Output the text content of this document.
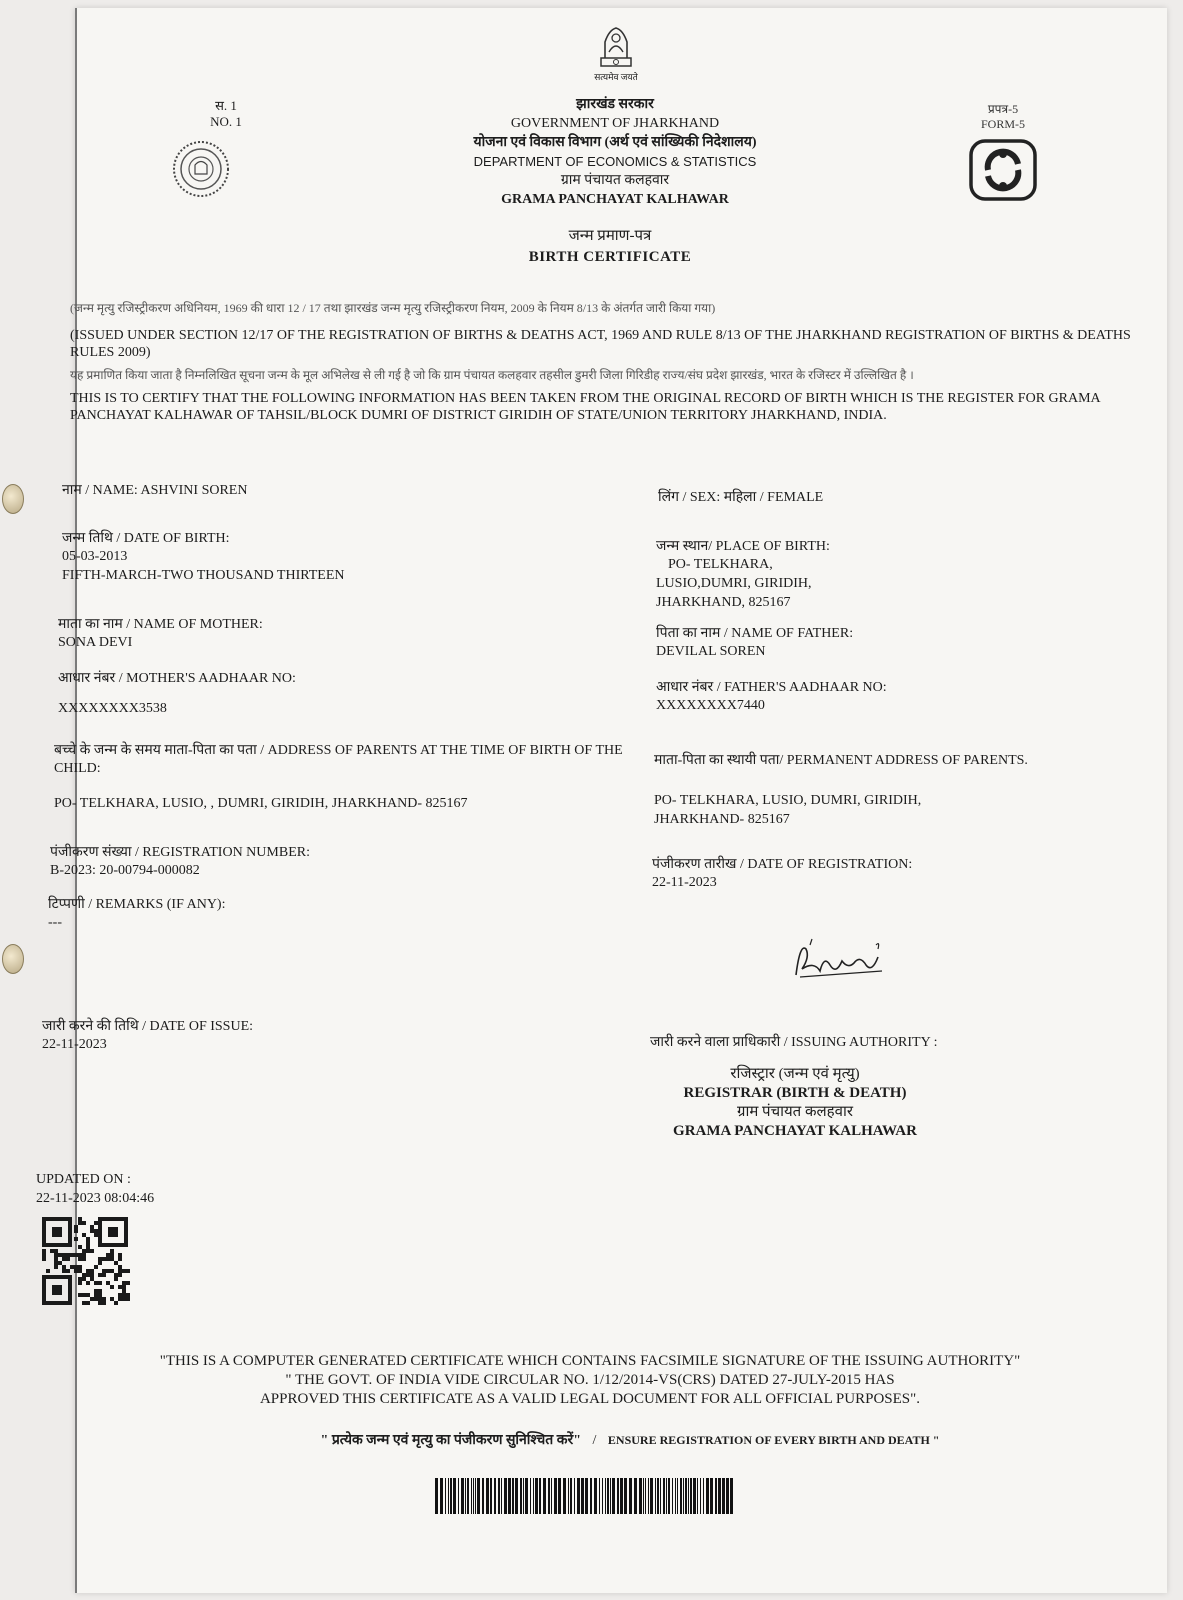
सत्यमेव जयते
स. 1
NO. 1
प्रपत्र-5
FORM-5
झारखंड सरकार
GOVERNMENT OF JHARKHAND
योजना एवं विकास विभाग (अर्थ एवं सांख्यिकी निदेशालय)
DEPARTMENT OF ECONOMICS & STATISTICS
ग्राम पंचायत कलहवार
GRAMA PANCHAYAT KALHAWAR
जन्म प्रमाण-पत्र
BIRTH CERTIFICATE

(जन्म मृत्यु रजिस्ट्रीकरण अधिनियम, 1969 की धारा 12 / 17 तथा झारखंड जन्म मृत्यु रजिस्ट्रीकरण नियम, 2009 के नियम 8/13 के अंतर्गत जारी किया गया)

(ISSUED UNDER SECTION 12/17 OF THE REGISTRATION OF BIRTHS & DEATHS ACT, 1969 AND RULE 8/13 OF THE JHARKHAND REGISTRATION OF BIRTHS & DEATHS RULES 2009)

यह प्रमाणित किया जाता है निम्नलिखित सूचना जन्म के मूल अभिलेख से ली गई है जो कि ग्राम पंचायत कलहवार तहसील डुमरी जिला गिरिडीह राज्य/संघ प्रदेश झारखंड, भारत के रजिस्टर में उल्लिखित है ।

THIS IS TO CERTIFY THAT THE FOLLOWING INFORMATION HAS BEEN TAKEN FROM THE ORIGINAL RECORD OF BIRTH WHICH IS THE REGISTER FOR GRAMA PANCHAYAT KALHAWAR OF TAHSIL/BLOCK DUMRI OF DISTRICT GIRIDIH OF STATE/UNION TERRITORY JHARKHAND, INDIA.

नाम / NAME: ASHVINI SOREN
जन्म तिथि / DATE OF BIRTH:
05-03-2013
FIFTH-MARCH-TWO THOUSAND THIRTEEN
माता का नाम / NAME OF MOTHER:
SONA DEVI
आधार नंबर / MOTHER'S AADHAAR NO:
XXXXXXXX3538
बच्चे के जन्म के समय माता-पिता का पता / ADDRESS OF PARENTS AT THE TIME OF BIRTH OF THE CHILD:
PO- TELKHARA, LUSIO, , DUMRI, GIRIDIH, JHARKHAND- 825167
पंजीकरण संख्या / REGISTRATION NUMBER:
B-2023: 20-00794-000082
टिप्पणी / REMARKS (IF ANY):
---
जारी करने की तिथि / DATE OF ISSUE:
22-11-2023
लिंग / SEX: महिला / FEMALE
जन्म स्थान/ PLACE OF BIRTH:
PO- TELKHARA,
LUSIO,DUMRI, GIRIDIH,
JHARKHAND, 825167
पिता का नाम / NAME OF FATHER:
DEVILAL SOREN
आधार नंबर / FATHER'S AADHAAR NO:
XXXXXXXX7440
माता-पिता का स्थायी पता/ PERMANENT ADDRESS OF PARENTS.
PO- TELKHARA, LUSIO, DUMRI, GIRIDIH,
JHARKHAND- 825167
पंजीकरण तारीख / DATE OF REGISTRATION:
22-11-2023
जारी करने वाला प्राधिकारी / ISSUING AUTHORITY :
रजिस्ट्रार (जन्म एवं मृत्यु)
REGISTRAR (BIRTH & DEATH)
ग्राम पंचायत कलहवार
GRAMA PANCHAYAT KALHAWAR
UPDATED ON :
22-11-2023 08:04:46
"THIS IS A COMPUTER GENERATED CERTIFICATE WHICH CONTAINS FACSIMILE SIGNATURE OF THE ISSUING AUTHORITY"
" THE GOVT. OF INDIA VIDE CIRCULAR NO. 1/12/2014-VS(CRS) DATED 27-JULY-2015 HAS
APPROVED THIS CERTIFICATE AS A VALID LEGAL DOCUMENT FOR ALL OFFICIAL PURPOSES".
" प्रत्येक जन्म एवं मृत्यु का पंजीकरण सुनिश्चित करें" / ENSURE REGISTRATION OF EVERY BIRTH AND DEATH "
